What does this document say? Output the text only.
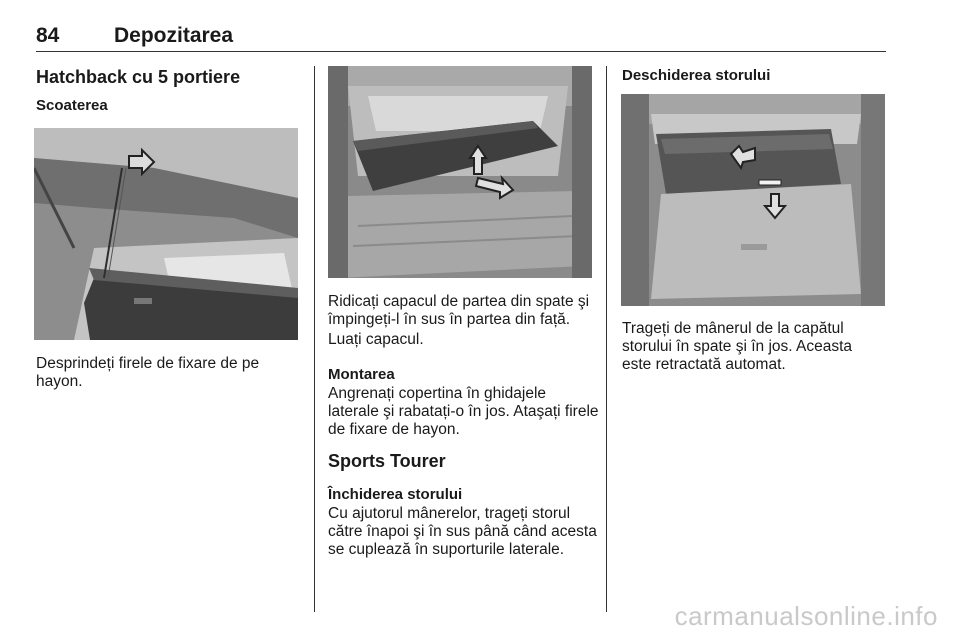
84	Depozitarea
Hatchback cu 5 portiere
Scoaterea
Desprindeți firele de fixare de pe hayon.
Ridicați capacul de partea din spate şi împingeți-l în sus în partea din față.
Luați capacul.
Montarea
Angrenați copertina în ghidajele laterale şi rabatați-o în jos. Ataşați firele de fixare de hayon.
Sports Tourer
Închiderea storului
Cu ajutorul mânerelor, trageți storul către înapoi şi în sus până când acesta se cuplează în suporturile laterale.
Deschiderea storului
Trageți de mânerul de la capătul storului în spate şi în jos. Aceasta este retractată automat.
carmanualsonline.info
